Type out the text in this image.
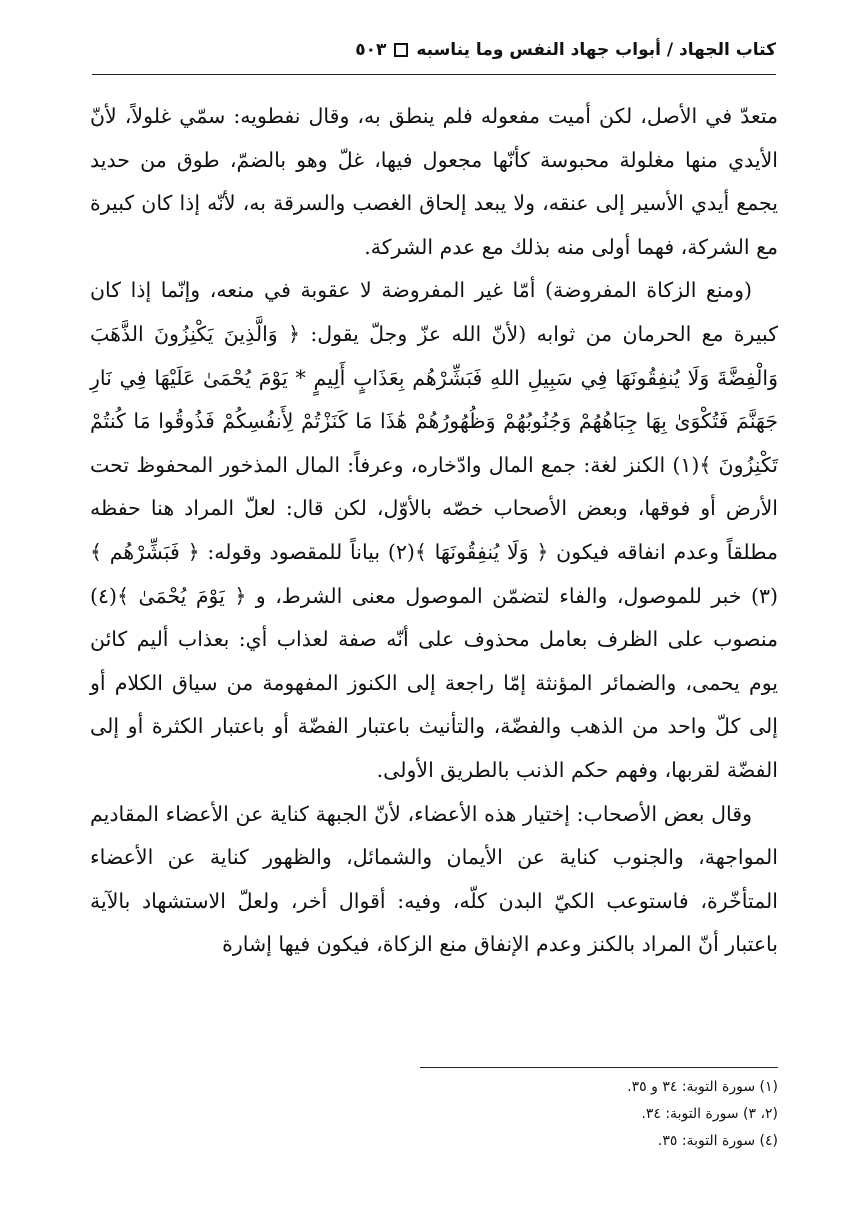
كتاب الجهاد / أبواب جهاد النفس وما يناسبه
٥٠٣

متعدّ في الأصل، لكن أميت مفعوله فلم ينطق به، وقال نفطويه: سمّي غلولاً، لأنّ الأيدي منها مغلولة محبوسة كأنّها مجعول فيها، غلّ وهو بالضمّ، طوق من حديد يجمع أيدي الأسير إلى عنقه، ولا يبعد إلحاق الغصب والسرقة به، لأنّه إذا كان كبيرة مع الشركة، فهما أولى منه بذلك مع عدم الشركة.

(ومنع الزكاة المفروضة) أمّا غير المفروضة لا عقوبة في منعه، وإنّما إذا كان كبيرة مع الحرمان من ثوابه (لأنّ الله عزّ وجلّ يقول: ﴿ وَالَّذِينَ يَكْنِزُونَ الذَّهَبَ وَالْفِضَّةَ وَلَا يُنفِقُونَهَا فِي سَبِيلِ اللهِ فَبَشِّرْهُم بِعَذَابٍ أَلِيمٍ * يَوْمَ يُحْمَىٰ عَلَيْهَا فِي نَارِ جَهَنَّمَ فَتُكْوَىٰ بِهَا جِبَاهُهُمْ وَجُنُوبُهُمْ وَظُهُورُهُمْ هَٰذَا مَا كَنَزْتُمْ لِأَنفُسِكُمْ فَذُوقُوا مَا كُنتُمْ تَكْنِزُونَ ﴾(١) الكنز لغة: جمع المال وادّخاره، وعرفاً: المال المذخور المحفوظ تحت الأرض أو فوقها، وبعض الأصحاب خصّه بالأوّل، لكن قال: لعلّ المراد هنا حفظه مطلقاً وعدم انفاقه فيكون ﴿ وَلَا يُنفِقُونَهَا ﴾(٢) بياناً للمقصود وقوله: ﴿ فَبَشِّرْهُم ﴾(٣) خبر للموصول، والفاء لتضمّن الموصول معنى الشرط، و ﴿ يَوْمَ يُحْمَىٰ ﴾(٤) منصوب على الظرف بعامل محذوف على أنّه صفة لعذاب أي: بعذاب أليم كائن يوم يحمى، والضمائر المؤنثة إمّا راجعة إلى الكنوز المفهومة من سياق الكلام أو إلى كلّ واحد من الذهب والفضّة، والتأنيث باعتبار الفضّة أو باعتبار الكثرة أو إلى الفضّة لقربها، وفهم حكم الذنب بالطريق الأولى.

وقال بعض الأصحاب: إختيار هذه الأعضاء، لأنّ الجبهة كناية عن الأعضاء المقاديم المواجهة، والجنوب كناية عن الأيمان والشمائل، والظهور كناية عن الأعضاء المتأخّرة، فاستوعب الكيّ البدن كلّه، وفيه: أقوال أخر، ولعلّ الاستشهاد بالآية باعتبار أنّ المراد بالكنز وعدم الإنفاق منع الزكاة، فيكون فيها إشارة

(١) سورة التوبة: ٣٤ و ٣٥.
(٢، ٣) سورة التوبة: ٣٤.
(٤) سورة التوبة: ٣٥.
